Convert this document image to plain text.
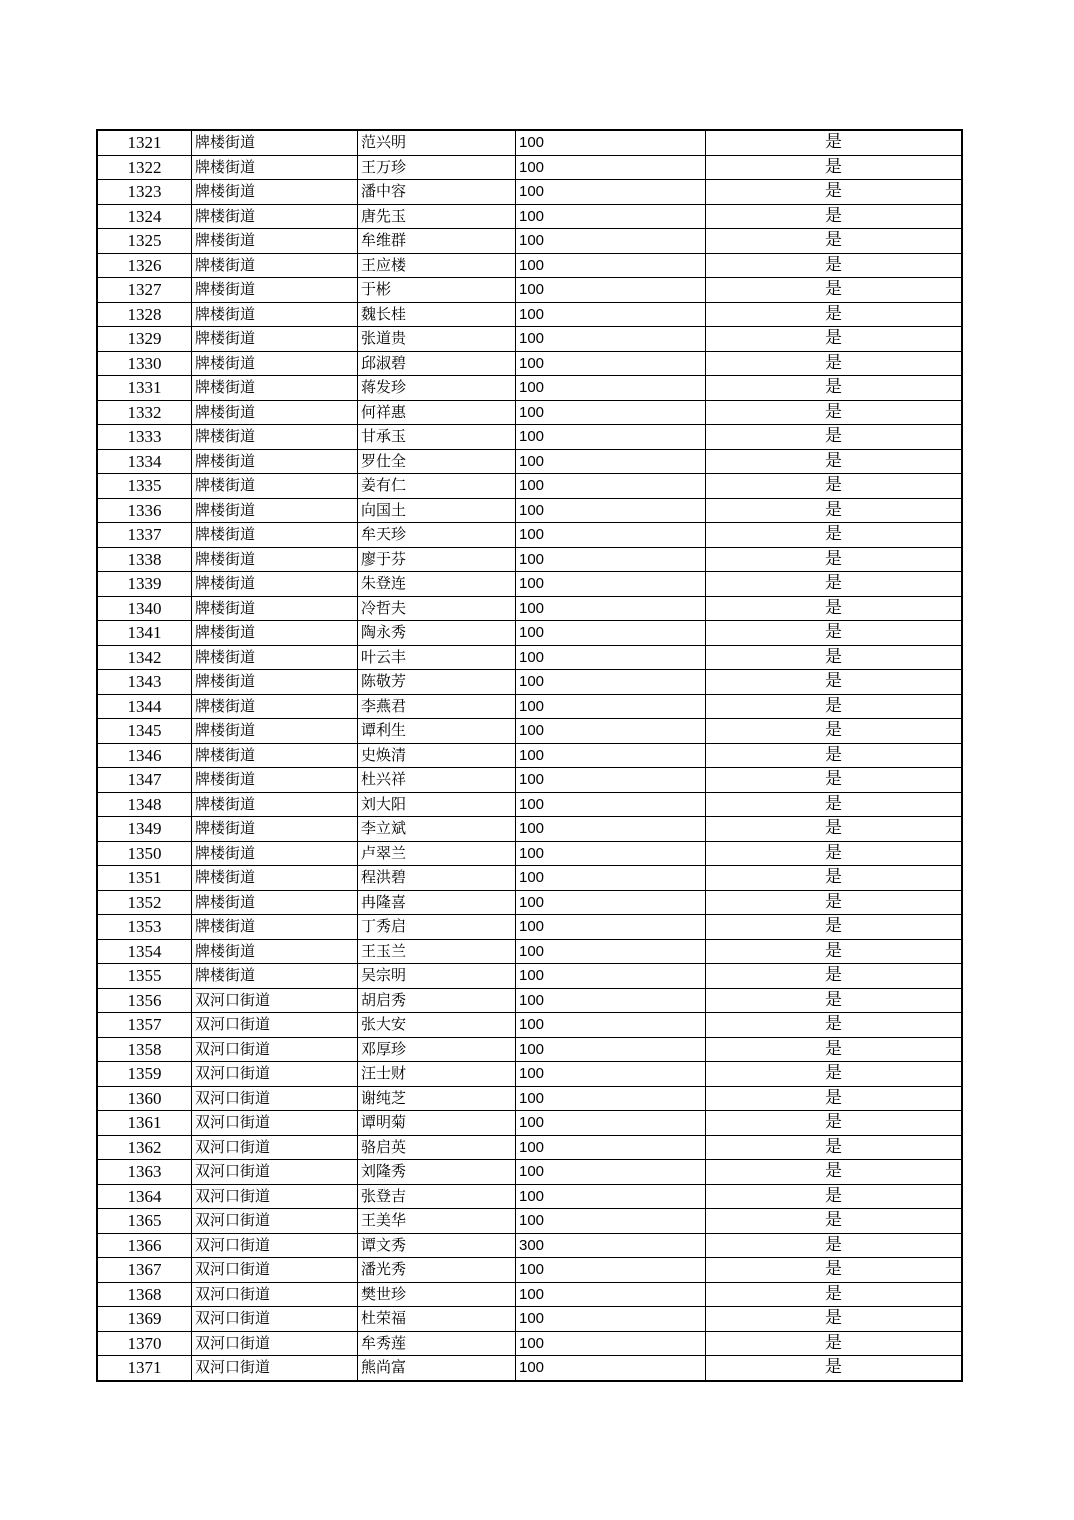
1321	牌楼街道	范兴明	100	是
1322	牌楼街道	王万珍	100	是
1323	牌楼街道	潘中容	100	是
1324	牌楼街道	唐先玉	100	是
1325	牌楼街道	牟维群	100	是
1326	牌楼街道	王应楼	100	是
1327	牌楼街道	于彬	100	是
1328	牌楼街道	魏长桂	100	是
1329	牌楼街道	张道贵	100	是
1330	牌楼街道	邱淑碧	100	是
1331	牌楼街道	蒋发珍	100	是
1332	牌楼街道	何祥惠	100	是
1333	牌楼街道	甘承玉	100	是
1334	牌楼街道	罗仕全	100	是
1335	牌楼街道	姜有仁	100	是
1336	牌楼街道	向国土	100	是
1337	牌楼街道	牟天珍	100	是
1338	牌楼街道	廖于芬	100	是
1339	牌楼街道	朱登连	100	是
1340	牌楼街道	冷哲夫	100	是
1341	牌楼街道	陶永秀	100	是
1342	牌楼街道	叶云丰	100	是
1343	牌楼街道	陈敬芳	100	是
1344	牌楼街道	李燕君	100	是
1345	牌楼街道	谭利生	100	是
1346	牌楼街道	史焕清	100	是
1347	牌楼街道	杜兴祥	100	是
1348	牌楼街道	刘大阳	100	是
1349	牌楼街道	李立斌	100	是
1350	牌楼街道	卢翠兰	100	是
1351	牌楼街道	程洪碧	100	是
1352	牌楼街道	冉隆喜	100	是
1353	牌楼街道	丁秀启	100	是
1354	牌楼街道	王玉兰	100	是
1355	牌楼街道	吴宗明	100	是
1356	双河口街道	胡启秀	100	是
1357	双河口街道	张大安	100	是
1358	双河口街道	邓厚珍	100	是
1359	双河口街道	汪士财	100	是
1360	双河口街道	谢纯芝	100	是
1361	双河口街道	谭明菊	100	是
1362	双河口街道	骆启英	100	是
1363	双河口街道	刘隆秀	100	是
1364	双河口街道	张登吉	100	是
1365	双河口街道	王美华	100	是
1366	双河口街道	谭文秀	300	是
1367	双河口街道	潘光秀	100	是
1368	双河口街道	樊世珍	100	是
1369	双河口街道	杜荣福	100	是
1370	双河口街道	牟秀莲	100	是
1371	双河口街道	熊尚富	100	是
